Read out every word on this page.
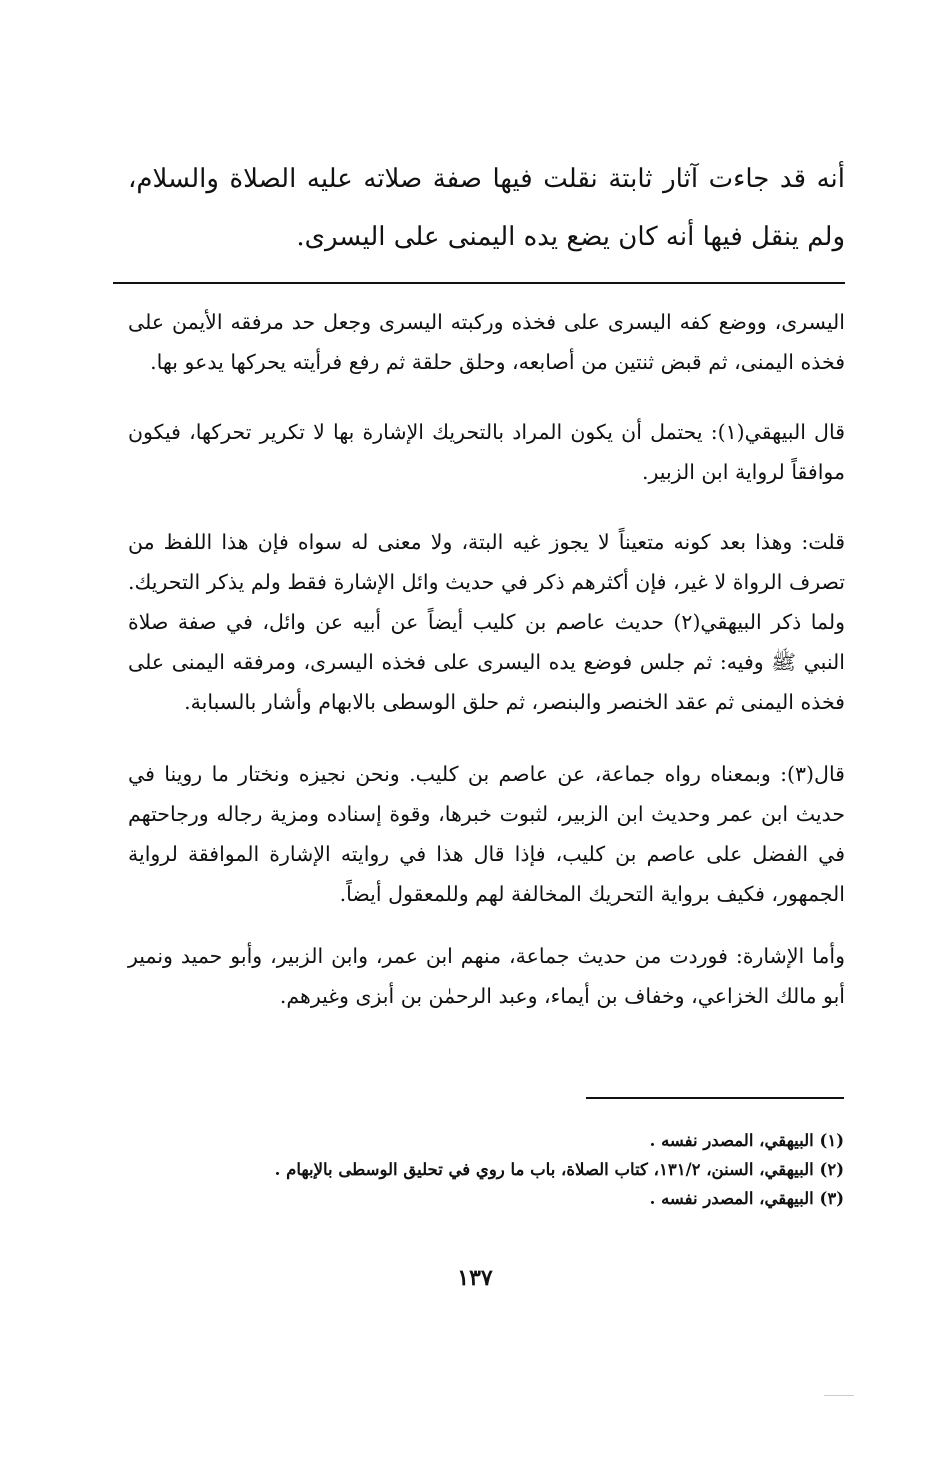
أنه قد جاءت آثار ثابتة نقلت فيها صفة صلاته عليه الصلاة والسلام، ولم ينقل فيها أنه كان يضع يده اليمنى على اليسرى.

اليسرى، ووضع كفه اليسرى على فخذه وركبته اليسرى وجعل حد مرفقه الأيمن على فخذه اليمنى، ثم قبض ثنتين من أصابعه، وحلق حلقة ثم رفع فرأيته يحركها يدعو بها.

قال البيهقي(١): يحتمل أن يكون المراد بالتحريك الإشارة بها لا تكرير تحركها، فيكون موافقاً لرواية ابن الزبير.

قلت: وهذا بعد كونه متعيناً لا يجوز غيه البتة، ولا معنى له سواه فإن هذا اللفظ من تصرف الرواة لا غير، فإن أكثرهم ذكر في حديث وائل الإشارة فقط ولم يذكر التحريك. ولما ذكر البيهقي(٢) حديث عاصم بن كليب أيضاً عن أبيه عن وائل، في صفة صلاة النبي ﷺ وفيه: ثم جلس فوضع يده اليسرى على فخذه اليسرى، ومرفقه اليمنى على فخذه اليمنى ثم عقد الخنصر والبنصر، ثم حلق الوسطى بالابهام وأشار بالسبابة.

قال(٣): وبمعناه رواه جماعة، عن عاصم بن كليب. ونحن نجيزه ونختار ما روينا في حديث ابن عمر وحديث ابن الزبير، لثبوت خبرها، وقوة إسناده ومزية رجاله ورجاحتهم في الفضل على عاصم بن كليب، فإذا قال هذا في روايته الإشارة الموافقة لرواية الجمهور، فكيف برواية التحريك المخالفة لهم وللمعقول أيضاً.

وأما الإشارة: فوردت من حديث جماعة، منهم ابن عمر، وابن الزبير، وأبو حميد ونمير أبو مالك الخزاعي، وخفاف بن أيماء، وعبد الرحمٰن بن أبزى وغيرهم.

(١) البيهقي، المصدر نفسه .

(٢) البيهقي، السنن، ١٣١/٢، كتاب الصلاة، باب ما روي في تحليق الوسطى بالإبهام .

(٣) البيهقي، المصدر نفسه .

١٣٧
